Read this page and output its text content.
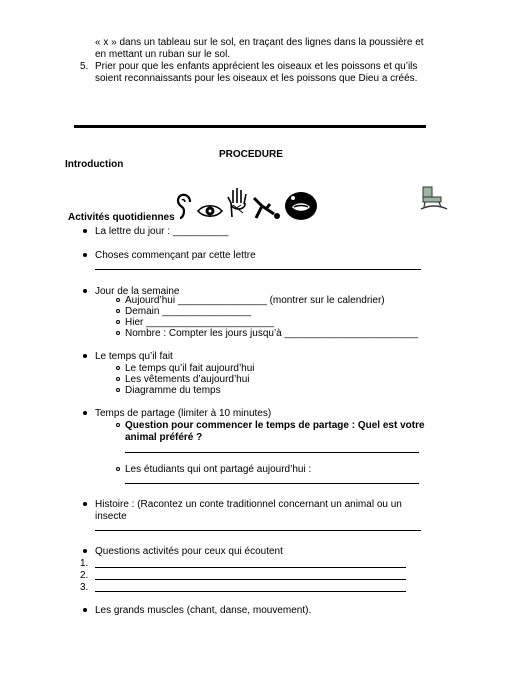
« x » dans un tableau sur le sol, en traçant des lignes dans la poussière et
en mettant un ruban sur le sol.
5. Prier pour que les enfants apprécient les oiseaux et les poissons et qu’ils
soient reconnaissants pour les oiseaux et les poissons que Dieu a créés.
PROCEDURE
Introduction
Activités quotidiennes
La lettre du jour : __________
Choses commençant par cette lettre
Jour de la semaine
Aujourd’hui ________________ (montrer sur le calendrier)
Demain ________________
Hier _______________________
Nombre : Compter les jours jusqu’à ________________________
Le temps qu’il fait
Le temps qu’il fait aujourd’hui
Les vêtements d’aujourd’hui
Diagramme du temps
Temps de partage (limiter à 10 minutes)
Question pour commencer le temps de partage : Quel est votre
animal préféré ?
Les étudiants qui ont partagé aujourd’hui :
Histoire : (Racontez un conte traditionnel concernant un animal ou un
insecte
Questions activités pour ceux qui écoutent
1.
2.
3.
Les grands muscles (chant, danse, mouvement).
